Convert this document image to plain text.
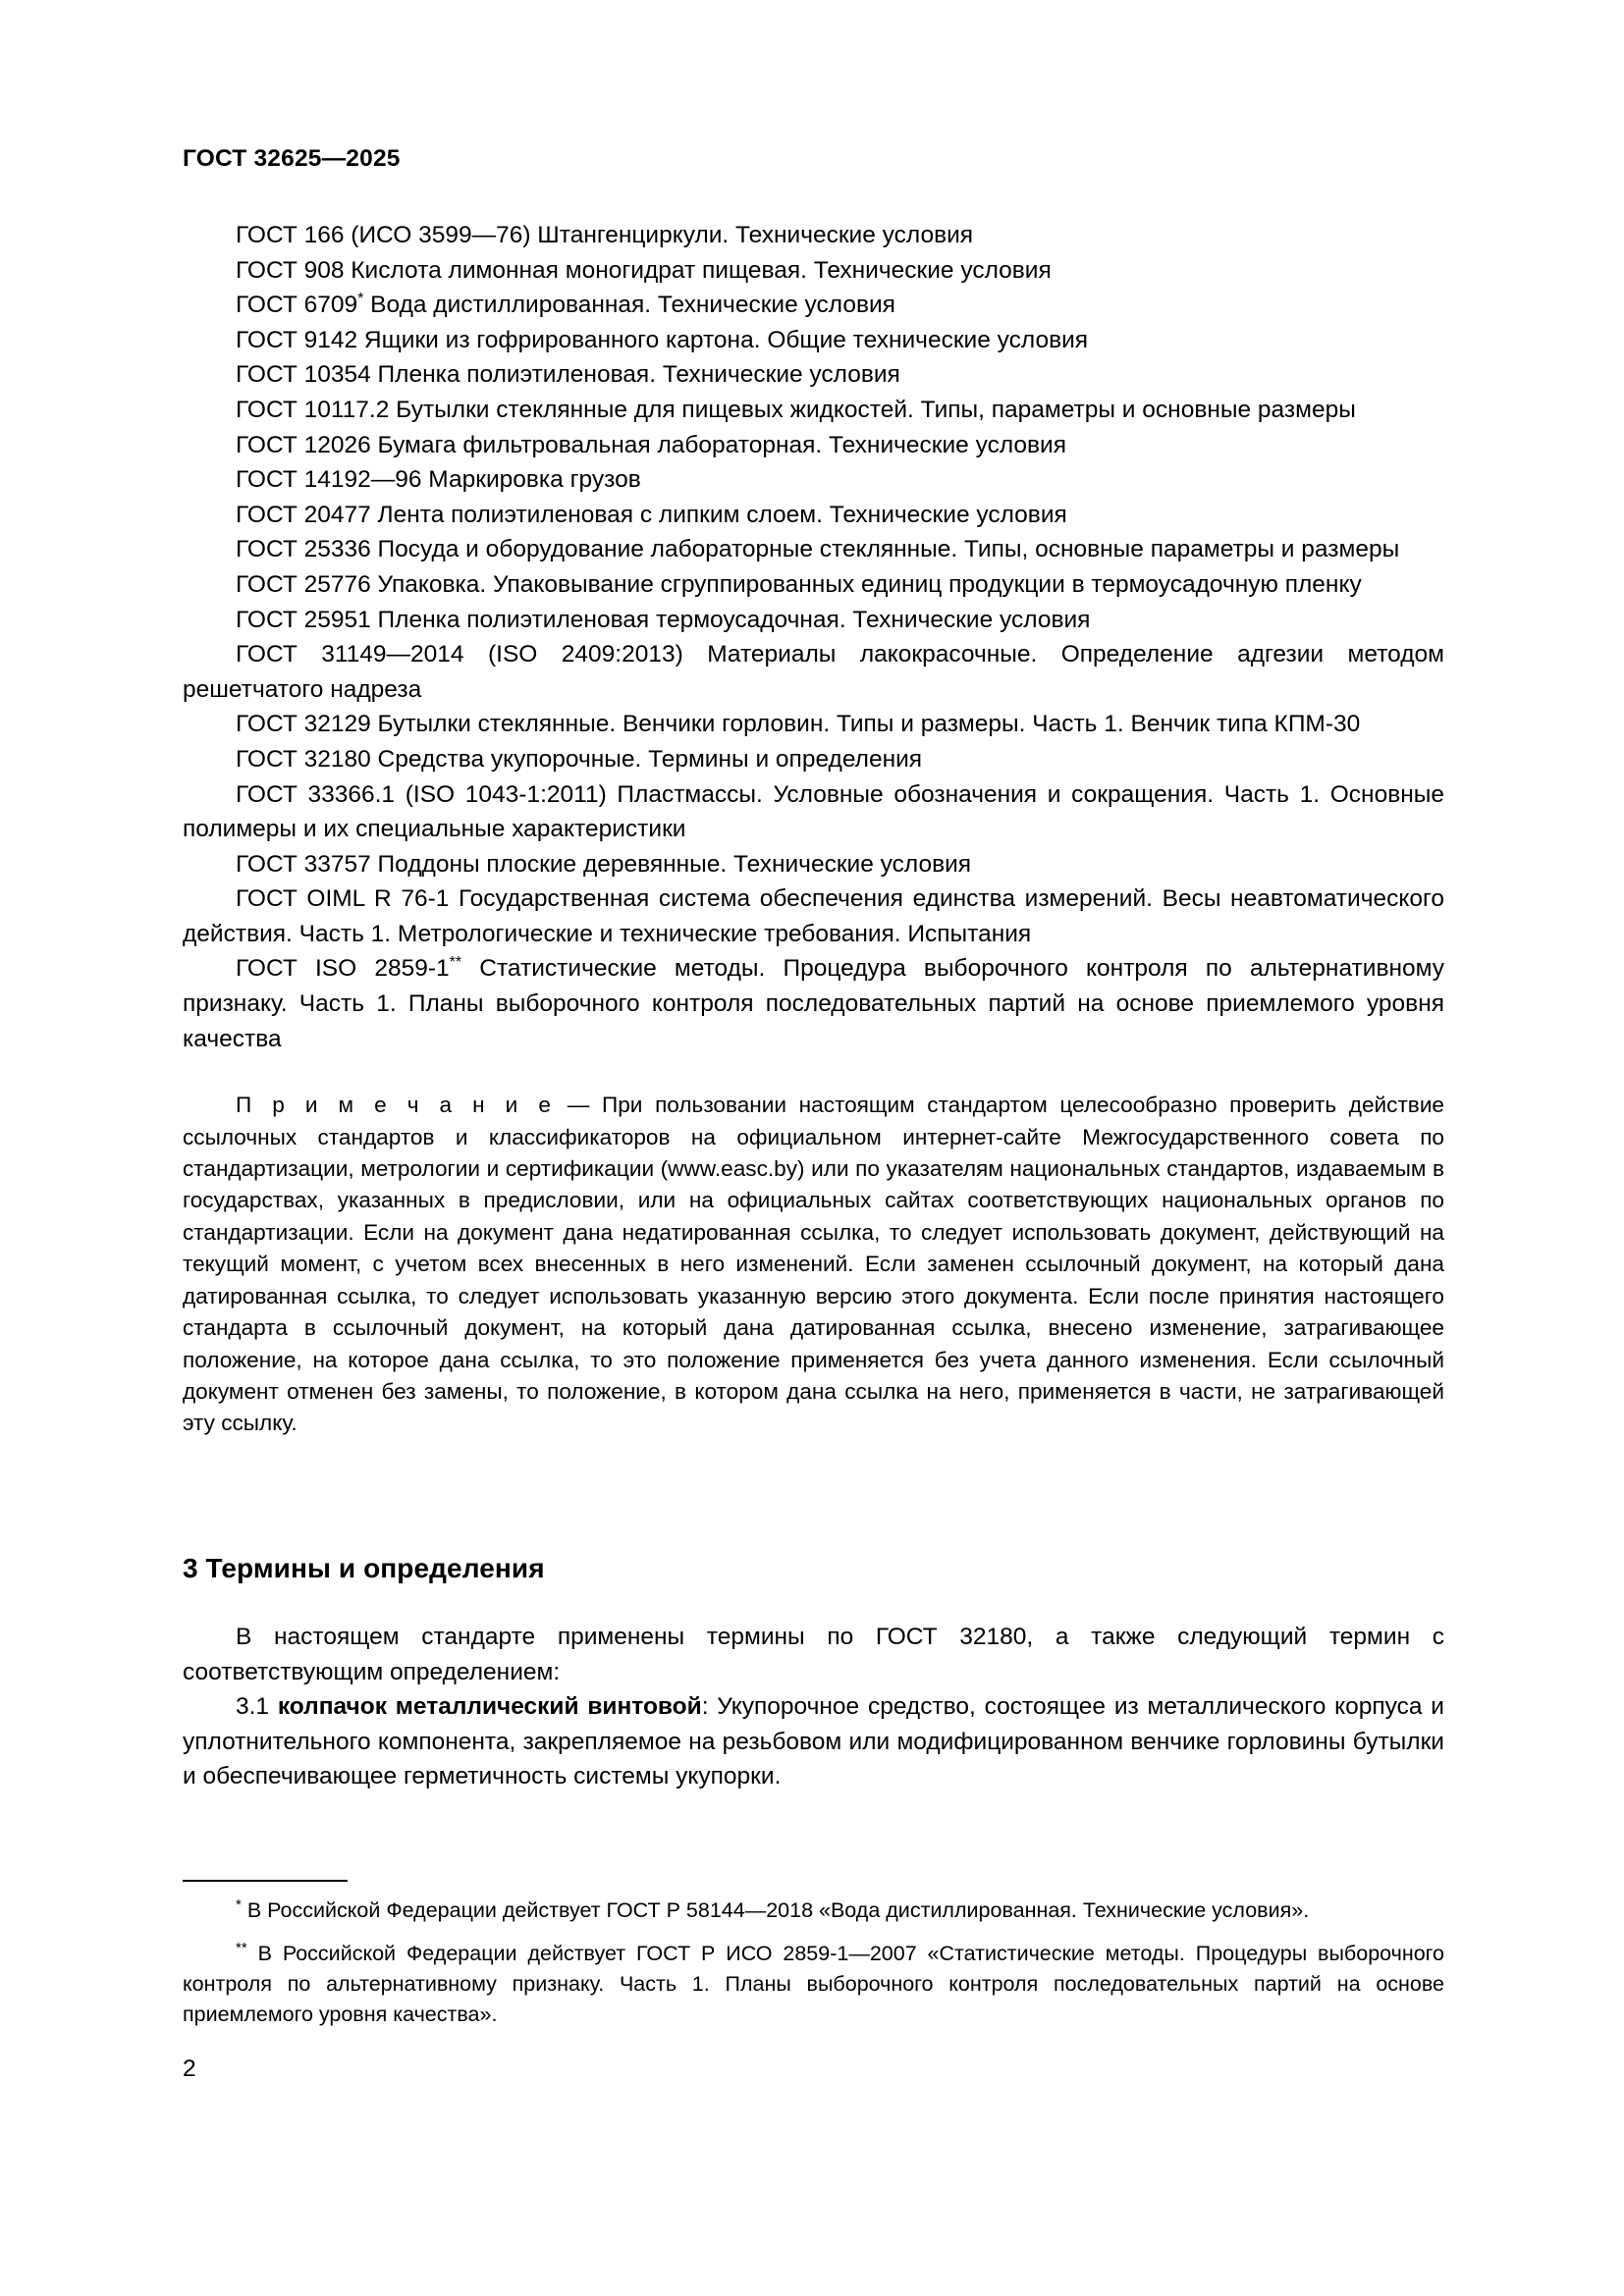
ГОСТ 32625—2025

ГОСТ 166 (ИСО 3599—76) Штангенциркули. Технические условия

ГОСТ 908 Кислота лимонная моногидрат пищевая. Технические условия

ГОСТ 6709* Вода дистиллированная. Технические условия

ГОСТ 9142 Ящики из гофрированного картона. Общие технические условия

ГОСТ 10354 Пленка полиэтиленовая. Технические условия

ГОСТ 10117.2 Бутылки стеклянные для пищевых жидкостей. Типы, параметры и основные размеры

ГОСТ 12026 Бумага фильтровальная лабораторная. Технические условия

ГОСТ 14192—96 Маркировка грузов

ГОСТ 20477 Лента полиэтиленовая с липким слоем. Технические условия

ГОСТ 25336 Посуда и оборудование лабораторные стеклянные. Типы, основные параметры и размеры

ГОСТ 25776 Упаковка. Упаковывание сгруппированных единиц продукции в термоусадочную пленку

ГОСТ 25951 Пленка полиэтиленовая термоусадочная. Технические условия

ГОСТ 31149—2014 (ISO 2409:2013) Материалы лакокрасочные. Определение адгезии методом решетчатого надреза

ГОСТ 32129 Бутылки стеклянные. Венчики горловин. Типы и размеры. Часть 1. Венчик типа КПМ-30

ГОСТ 32180 Средства укупорочные. Термины и определения

ГОСТ 33366.1 (ISO 1043-1:2011) Пластмассы. Условные обозначения и сокращения. Часть 1. Основные полимеры и их специальные характеристики

ГОСТ 33757 Поддоны плоские деревянные. Технические условия

ГОСТ OIML R 76-1 Государственная система обеспечения единства измерений. Весы неавтоматического действия. Часть 1. Метрологические и технические требования. Испытания

ГОСТ ISO 2859-1** Статистические методы. Процедура выборочного контроля по альтернативному признаку. Часть 1. Планы выборочного контроля последовательных партий на основе приемлемого уровня качества

П р и м е ч а н и е — При пользовании настоящим стандартом целесообразно проверить действие ссылочных стандартов и классификаторов на официальном интернет-сайте Межгосударственного совета по стандартизации, метрологии и сертификации (www.easc.by) или по указателям национальных стандартов, издаваемым в государствах, указанных в предисловии, или на официальных сайтах соответствующих национальных органов по стандартизации. Если на документ дана недатированная ссылка, то следует использовать документ, действующий на текущий момент, с учетом всех внесенных в него изменений. Если заменен ссылочный документ, на который дана датированная ссылка, то следует использовать указанную версию этого документа. Если после принятия настоящего стандарта в ссылочный документ, на который дана датированная ссылка, внесено изменение, затрагивающее положение, на которое дана ссылка, то это положение применяется без учета данного изменения. Если ссылочный документ отменен без замены, то положение, в котором дана ссылка на него, применяется в части, не затрагивающей эту ссылку.

3 Термины и определения

В настоящем стандарте применены термины по ГОСТ 32180, а также следующий термин с соответствующим определением:

3.1 колпачок металлический винтовой: Укупорочное средство, состоящее из металлического корпуса и уплотнительного компонента, закрепляемое на резьбовом или модифицированном венчике горловины бутылки и обеспечивающее герметичность системы укупорки.

* В Российской Федерации действует ГОСТ Р 58144—2018 «Вода дистиллированная. Технические условия».

** В Российской Федерации действует ГОСТ Р ИСО 2859-1—2007 «Статистические методы. Процедуры выборочного контроля по альтернативному признаку. Часть 1. Планы выборочного контроля последовательных партий на основе приемлемого уровня качества».

2
